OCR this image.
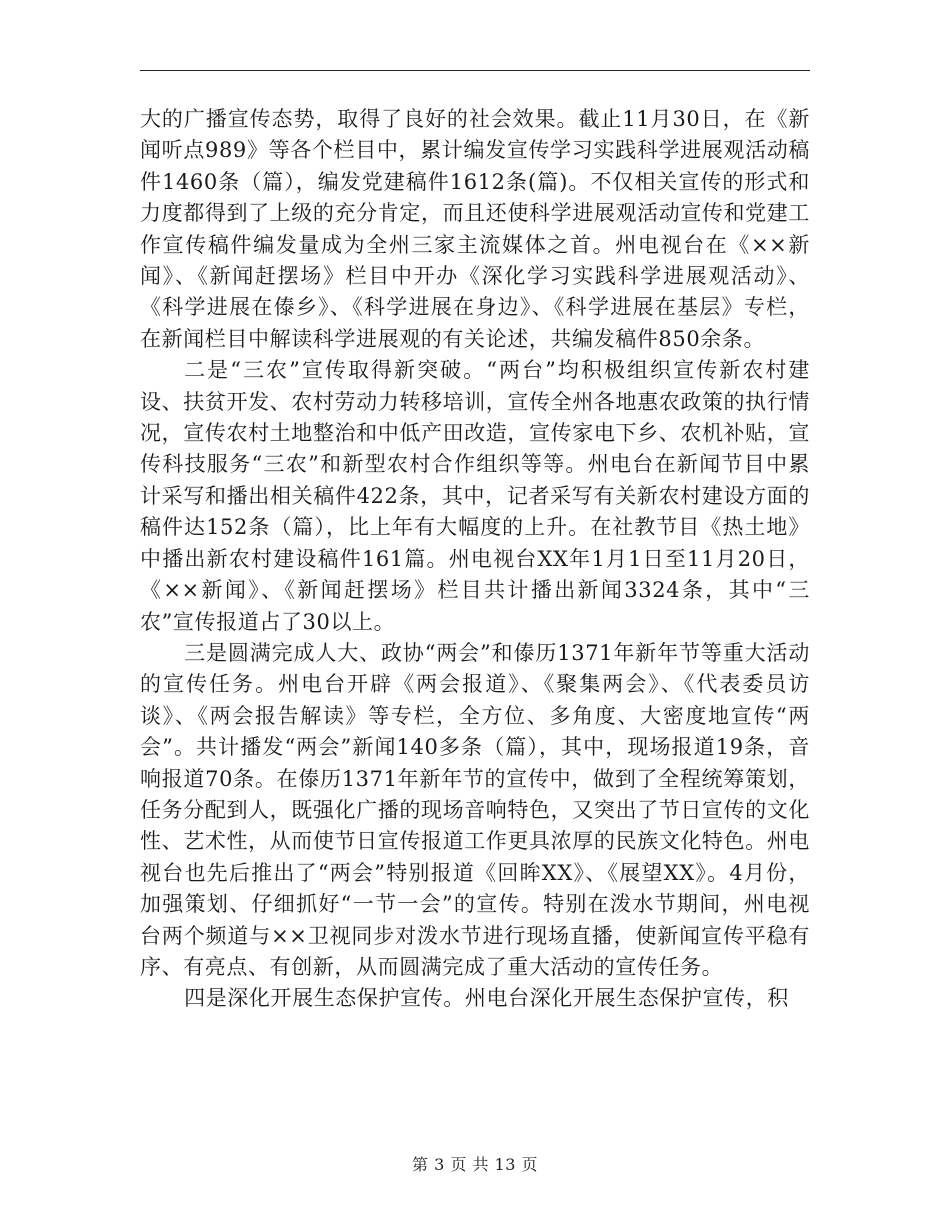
大的广播宣传态势，取得了良好的社会效果。截止11月30日，在《新闻听点989》等各个栏目中，累计编发宣传学习实践科学进展观活动稿件1460条（篇），编发党建稿件1612条(篇)。不仅相关宣传的形式和力度都得到了上级的充分肯定，而且还使科学进展观活动宣传和党建工作宣传稿件编发量成为全州三家主流媒体之首。州电视台在《××新闻》、《新闻赶摆场》栏目中开办《深化学习实践科学进展观活动》、《科学进展在傣乡》、《科学进展在身边》、《科学进展在基层》专栏，在新闻栏目中解读科学进展观的有关论述，共编发稿件850余条。

二是“三农”宣传取得新突破。“两台”均积极组织宣传新农村建设、扶贫开发、农村劳动力转移培训，宣传全州各地惠农政策的执行情况，宣传农村土地整治和中低产田改造，宣传家电下乡、农机补贴，宣传科技服务“三农”和新型农村合作组织等等。州电台在新闻节目中累计采写和播出相关稿件422条，其中，记者采写有关新农村建设方面的稿件达152条（篇），比上年有大幅度的上升。在社教节目《热土地》中播出新农村建设稿件161篇。州电视台XX年1月1日至11月20日，《××新闻》、《新闻赶摆场》栏目共计播出新闻3324条，其中“三农”宣传报道占了30以上。

三是圆满完成人大、政协“两会”和傣历1371年新年节等重大活动的宣传任务。州电台开辟《两会报道》、《聚集两会》、《代表委员访谈》、《两会报告解读》等专栏，全方位、多角度、大密度地宣传“两会”。共计播发“两会”新闻140多条（篇），其中，现场报道19条，音响报道70条。在傣历1371年新年节的宣传中，做到了全程统筹策划，任务分配到人，既强化广播的现场音响特色，又突出了节日宣传的文化性、艺术性，从而使节日宣传报道工作更具浓厚的民族文化特色。州电视台也先后推出了“两会”特别报道《回眸XX》、《展望XX》。4月份，加强策划、仔细抓好“一节一会”的宣传。特别在泼水节期间，州电视台两个频道与××卫视同步对泼水节进行现场直播，使新闻宣传平稳有序、有亮点、有创新，从而圆满完成了重大活动的宣传任务。

四是深化开展生态保护宣传。州电台深化开展生态保护宣传，积

第 3 页 共 13 页
